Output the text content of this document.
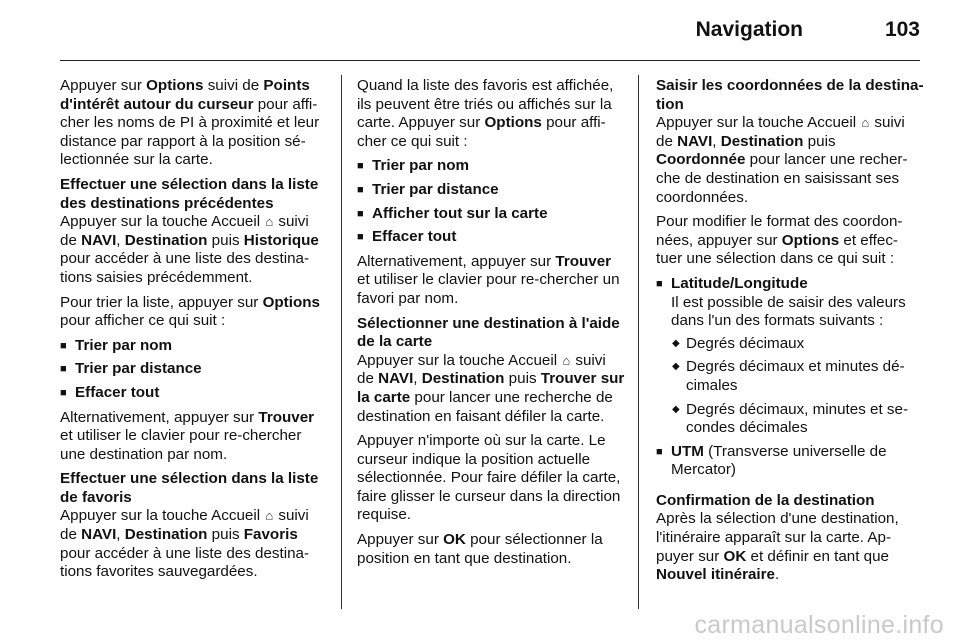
Navigation	103

Appuyer sur Options suivi de Points d'intérêt autour du curseur pour affi-cher les noms de PI à proximité et leur distance par rapport à la position sé-lectionnée sur la carte.

Effectuer une sélection dans la liste des destinations précédentes

Appuyer sur la touche Accueil ⌂ suivi de NAVI, Destination puis Historique pour accéder à une liste des destina-tions saisies précédemment.

Pour trier la liste, appuyer sur Options pour afficher ce qui suit :

■ Trier par nom
■ Trier par distance
■ Effacer tout

Alternativement, appuyer sur Trouver et utiliser le clavier pour re-chercher une destination par nom.

Effectuer une sélection dans la liste de favoris

Appuyer sur la touche Accueil ⌂ suivi de NAVI, Destination puis Favoris pour accéder à une liste des destina-tions favorites sauvegardées.

Quand la liste des favoris est affichée, ils peuvent être triés ou affichés sur la carte. Appuyer sur Options pour affi-cher ce qui suit :

■ Trier par nom
■ Trier par distance
■ Afficher tout sur la carte
■ Effacer tout

Alternativement, appuyer sur Trouver et utiliser le clavier pour re-chercher un favori par nom.

Sélectionner une destination à l'aide de la carte

Appuyer sur la touche Accueil ⌂ suivi de NAVI, Destination puis Trouver sur la carte pour lancer une recherche de destination en faisant défiler la carte.

Appuyer n'importe où sur la carte. Le curseur indique la position actuelle sélectionnée. Pour faire défiler la carte, faire glisser le curseur dans la direction requise.

Appuyer sur OK pour sélectionner la position en tant que destination.

Saisir les coordonnées de la destina-tion

Appuyer sur la touche Accueil ⌂ suivi de NAVI, Destination puis Coordonnée pour lancer une recher-che de destination en saisissant ses coordonnées.

Pour modifier le format des coordon-nées, appuyer sur Options et effec-tuer une sélection dans ce qui suit :

■ Latitude/Longitude
Il est possible de saisir des valeurs dans l'un des formats suivants :
◆ Degrés décimaux
◆ Degrés décimaux et minutes dé-cimales
◆ Degrés décimaux, minutes et se-condes décimales
■ UTM (Transverse universelle de Mercator)
Confirmation de la destination

Après la sélection d'une destination, l'itinéraire apparaît sur la carte. Ap-puyer sur OK et définir en tant que Nouvel itinéraire.

carmanualsonline.info
